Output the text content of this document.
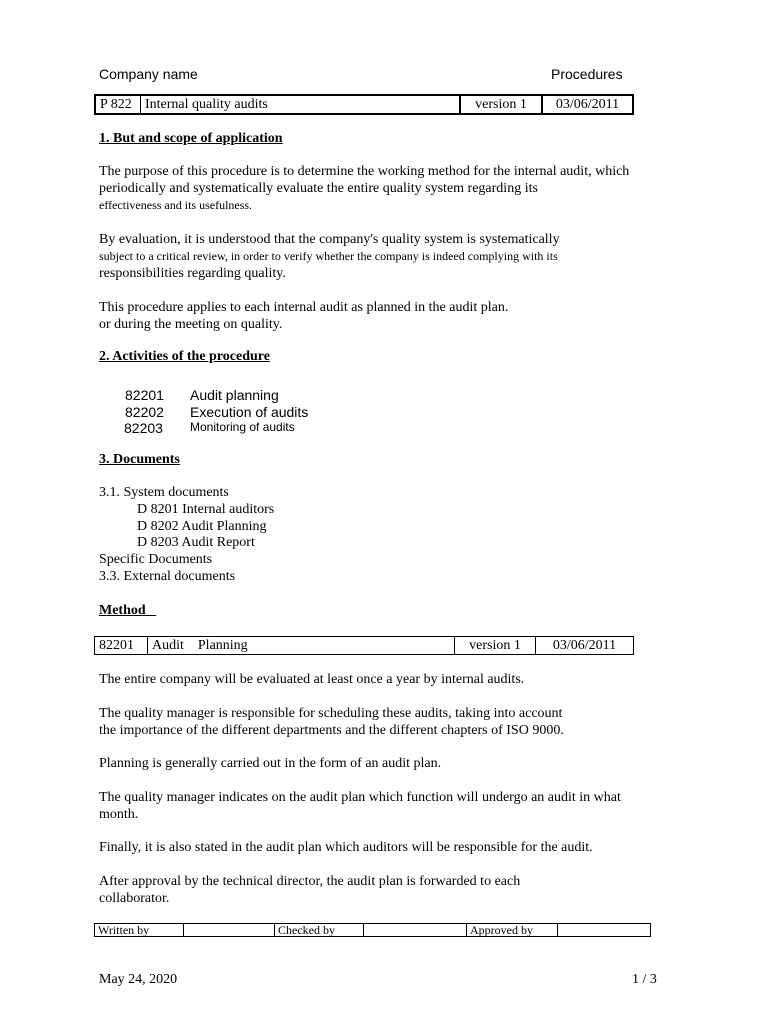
Company name	Procedures
P 822	Internal quality audits	version 1	03/06/2011
1. But and scope of application
The purpose of this procedure is to determine the working method for the internal audit, which
periodically and systematically evaluate the entire quality system regarding its
effectiveness and its usefulness.
By evaluation, it is understood that the company's quality system is systematically
subject to a critical review, in order to verify whether the company is indeed complying with its
responsibilities regarding quality.
This procedure applies to each internal audit as planned in the audit plan.
or during the meeting on quality.
2. Activities of the procedure
82201 Audit planning
82202 Execution of audits
82203 Monitoring of audits
3. Documents
3.1. System documents
D 8201 Internal auditors
D 8202 Audit Planning
D 8203 Audit Report
Specific Documents
3.3. External documents
Method
82201	Audit    Planning	version 1	03/06/2011
The entire company will be evaluated at least once a year by internal audits.
The quality manager is responsible for scheduling these audits, taking into account
the importance of the different departments and the different chapters of ISO 9000.
Planning is generally carried out in the form of an audit plan.
The quality manager indicates on the audit plan which function will undergo an audit in what
month.
Finally, it is also stated in the audit plan which auditors will be responsible for the audit.
After approval by the technical director, the audit plan is forwarded to each
collaborator.
Written by		Checked by		Approved by	
May 24, 2020	1 / 3
